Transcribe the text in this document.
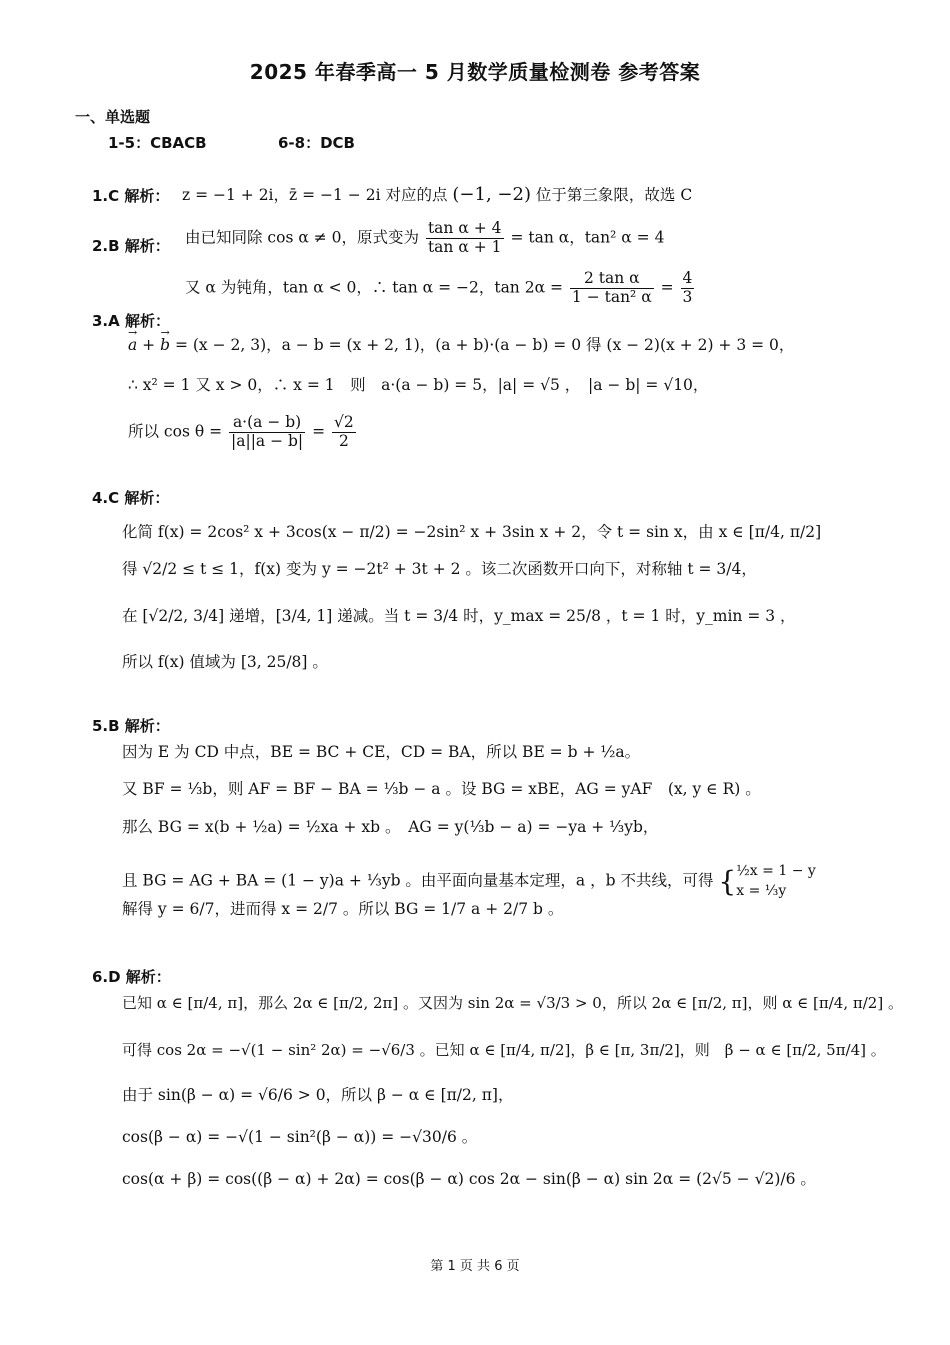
2025 年春季高一 5 月数学质量检测卷 参考答案
一、单选题
1-5：CBACB	6-8：DCB
1.C 解析： z = −1 + 2i，z̄ = −1 − 2i 对应的点 (−1, −2) 位于第三象限，故选 C
2.B 解析： 由已知同除 cos α ≠ 0，原式变为 $\frac{\text{tan α + 4}}{\text{tan α + 1}} = \tan \alpha$，tan² α = 4
又 α 为钝角，tan α < 0，∴ tan α = −2，$\tan 2\alpha = \frac{\text{2 tan α}}{\text{1 − tan² α}} = \frac{4}{3}$
3.A 解析：
→ a + → b = (x − 2, 3)，a − b = (x + 2, 1)，(a + b)·(a − b) = 0 得 (x − 2)(x + 2) + 3 = 0，
∴ x² = 1 又 x > 0，∴ x = 1　则　a·(a − b) = 5，|a| = √5 ，　|a − b| = √10，
所以 $\cos \theta = \frac{a\cdot(a - b)}{|a||a - b|} = \frac{√2}{2}$
4.C 解析：
化简 f(x) = 2cos² x + 3cos(x − π/2) = −2sin² x + 3sin x + 2，令 t = sin x，由 x ∈ [π/4, π/2]
得 √2/2 ≤ t ≤ 1，f(x) 变为 y = −2t² + 3t + 2 。该二次函数开口向下，对称轴 t = 3/4，
在 [√2/2, 3/4] 递增，[3/4, 1] 递减。当 t = 3/4 时，y_max = 25/8 ，t = 1 时，y_min = 3 ，
所以 f(x) 值域为 [3, 25/8] 。
5.B 解析：
因为 E 为 CD 中点，BE = BC + CE，CD = BA，所以 BE = b + ½a。
又 BF = ⅓b，则 AF = BF − BA = ⅓b − a 。设 BG = xBE，AG = yAF　(x, y ∈ R) 。
那么 BG = x(b + ½a) = ½xa + xb 。　AG = y(⅓b − a) = −ya + ⅓yb，
且 BG = AG + BA = (1 − y)a + ⅓yb 。由平面向量基本定理，a ，b 不共线，可得 { ½x = 1 − y
x = ⅓y
解得 y = 6/7，进而得 x = 2/7 。所以 BG = 1/7 a + 2/7 b 。
6.D 解析：
已知 α ∈ [π/4, π]，那么 2α ∈ [π/2, 2π] 。又因为 sin 2α = √3/3 > 0，所以 2α ∈ [π/2, π]，则 α ∈ [π/4, π/2] 。
可得 cos 2α = −√(1 − sin² 2α) = −√6/3 。已知 α ∈ [π/4, π/2]，β ∈ [π, 3π/2]，则　β − α ∈ [π/2, 5π/4] 。
由于 sin(β − α) = √6/6 > 0，所以 β − α ∈ [π/2, π]，
cos(β − α) = −√(1 − sin²(β − α)) = −√30/6 。
cos(α + β) = cos((β − α) + 2α) = cos(β − α) cos 2α − sin(β − α) sin 2α = (2√5 − √2)/6 。
第 1 页 共 6 页
